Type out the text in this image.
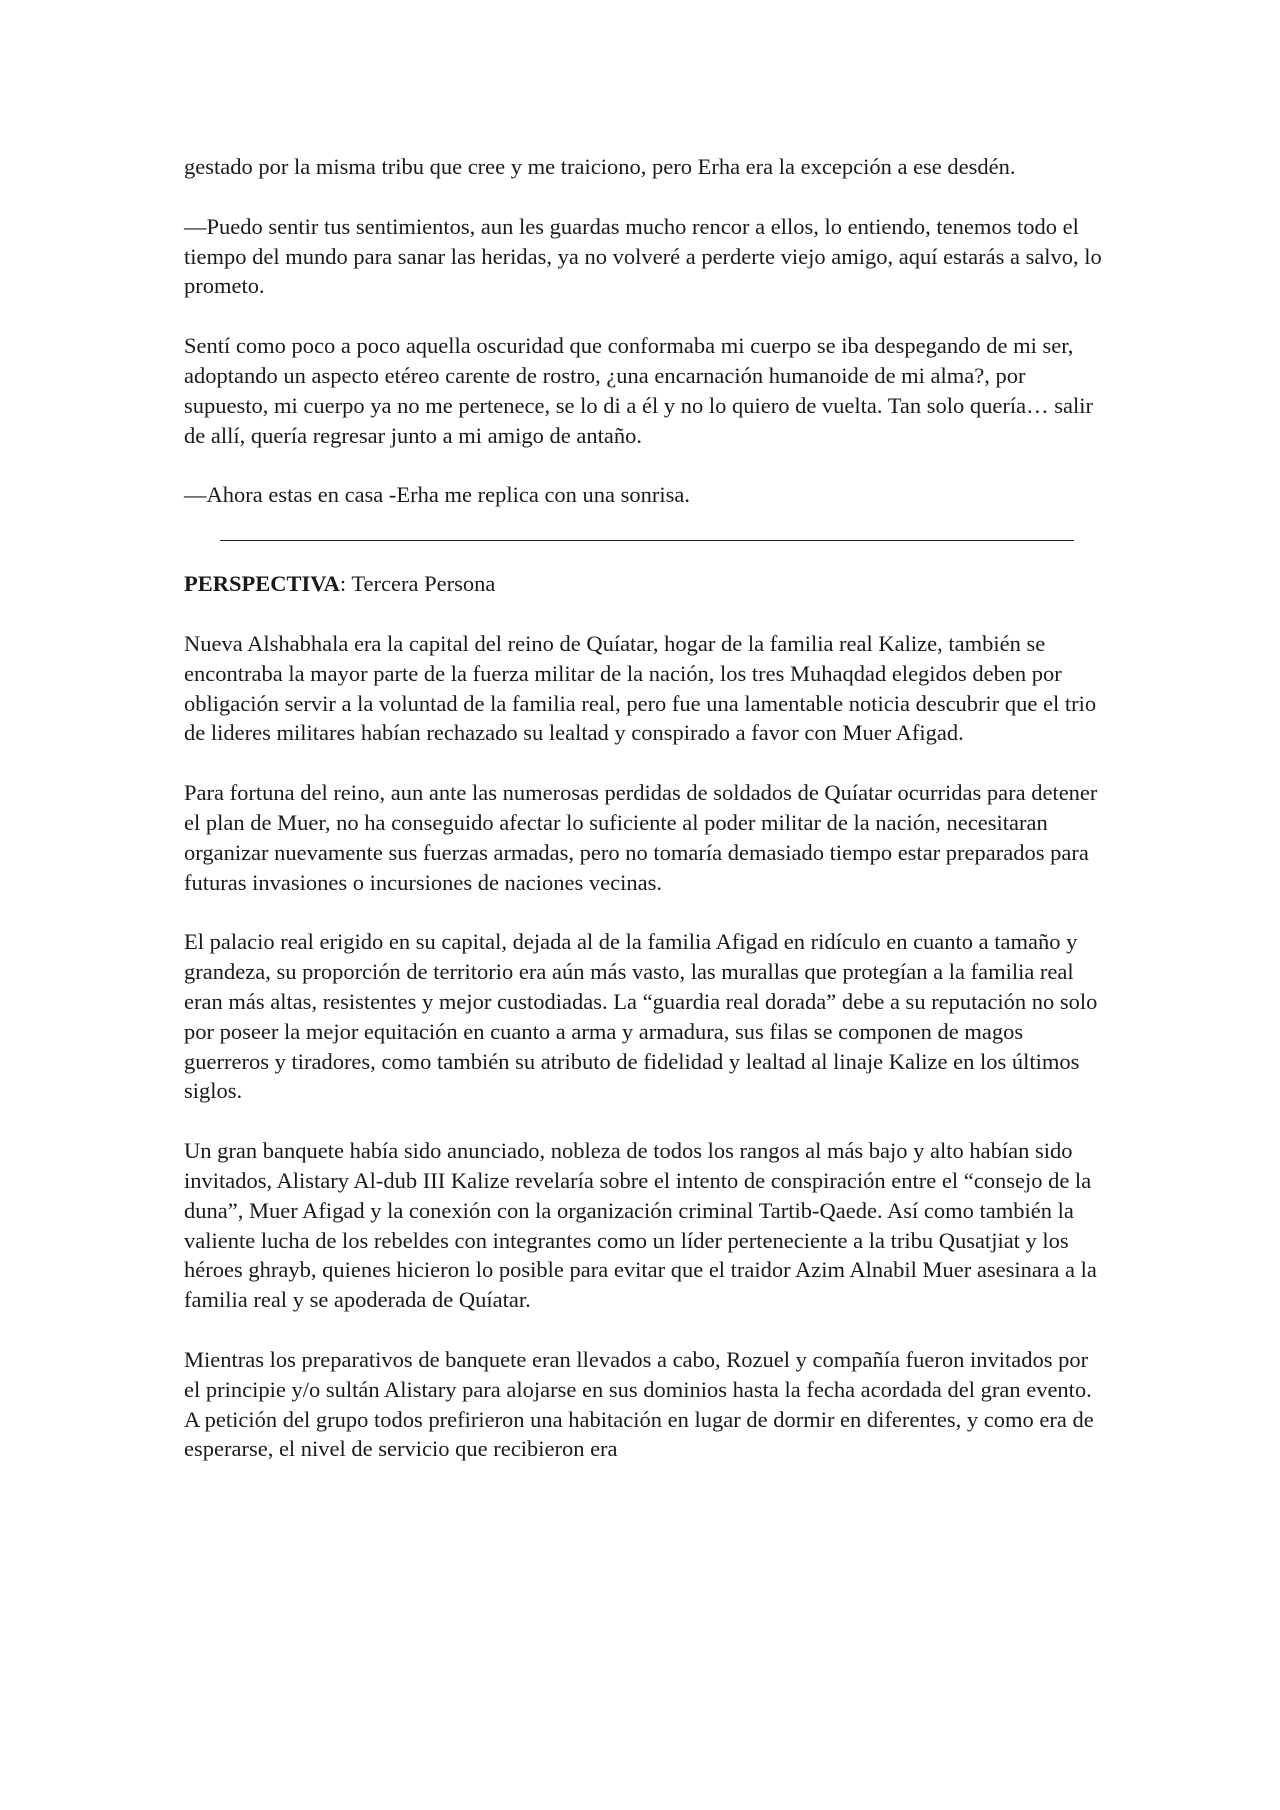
gestado por la misma tribu que cree y me traiciono, pero Erha era la excepción a ese desdén.

—Puedo sentir tus sentimientos, aun les guardas mucho rencor a ellos, lo entiendo, tenemos todo el tiempo del mundo para sanar las heridas, ya no volveré a perderte viejo amigo, aquí estarás a salvo, lo prometo.

Sentí como poco a poco aquella oscuridad que conformaba mi cuerpo se iba despegando de mi ser, adoptando un aspecto etéreo carente de rostro, ¿una encarnación humanoide de mi alma?, por supuesto, mi cuerpo ya no me pertenece, se lo di a él y no lo quiero de vuelta. Tan solo quería… salir de allí, quería regresar junto a mi amigo de antaño.

—Ahora estas en casa -Erha me replica con una sonrisa.

PERSPECTIVA: Tercera Persona

Nueva Alshabhala era la capital del reino de Quíatar, hogar de la familia real Kalize, también se encontraba la mayor parte de la fuerza militar de la nación, los tres Muhaqdad elegidos deben por obligación servir a la voluntad de la familia real, pero fue una lamentable noticia descubrir que el trio de lideres militares habían rechazado su lealtad y conspirado a favor con Muer Afigad.

Para fortuna del reino, aun ante las numerosas perdidas de soldados de Quíatar ocurridas para detener el plan de Muer, no ha conseguido afectar lo suficiente al poder militar de la nación, necesitaran organizar nuevamente sus fuerzas armadas, pero no tomaría demasiado tiempo estar preparados para futuras invasiones o incursiones de naciones vecinas.

El palacio real erigido en su capital, dejada al de la familia Afigad en ridículo en cuanto a tamaño y grandeza, su proporción de territorio era aún más vasto, las murallas que protegían a la familia real eran más altas, resistentes y mejor custodiadas. La “guardia real dorada” debe a su reputación no solo por poseer la mejor equitación en cuanto a arma y armadura, sus filas se componen de magos guerreros y tiradores, como también su atributo de fidelidad y lealtad al linaje Kalize en los últimos siglos.

Un gran banquete había sido anunciado, nobleza de todos los rangos al más bajo y alto habían sido invitados, Alistary Al-dub III Kalize revelaría sobre el intento de conspiración entre el “consejo de la duna”, Muer Afigad y la conexión con la organización criminal Tartib-Qaede. Así como también la valiente lucha de los rebeldes con integrantes como un líder perteneciente a la tribu Qusatjiat y los héroes ghrayb, quienes hicieron lo posible para evitar que el traidor Azim Alnabil Muer asesinara a la familia real y se apoderada de Quíatar.

Mientras los preparativos de banquete eran llevados a cabo, Rozuel y compañía fueron invitados por el principie y/o sultán Alistary para alojarse en sus dominios hasta la fecha acordada del gran evento. A petición del grupo todos prefirieron una habitación en lugar de dormir en diferentes, y como era de esperarse, el nivel de servicio que recibieron era
